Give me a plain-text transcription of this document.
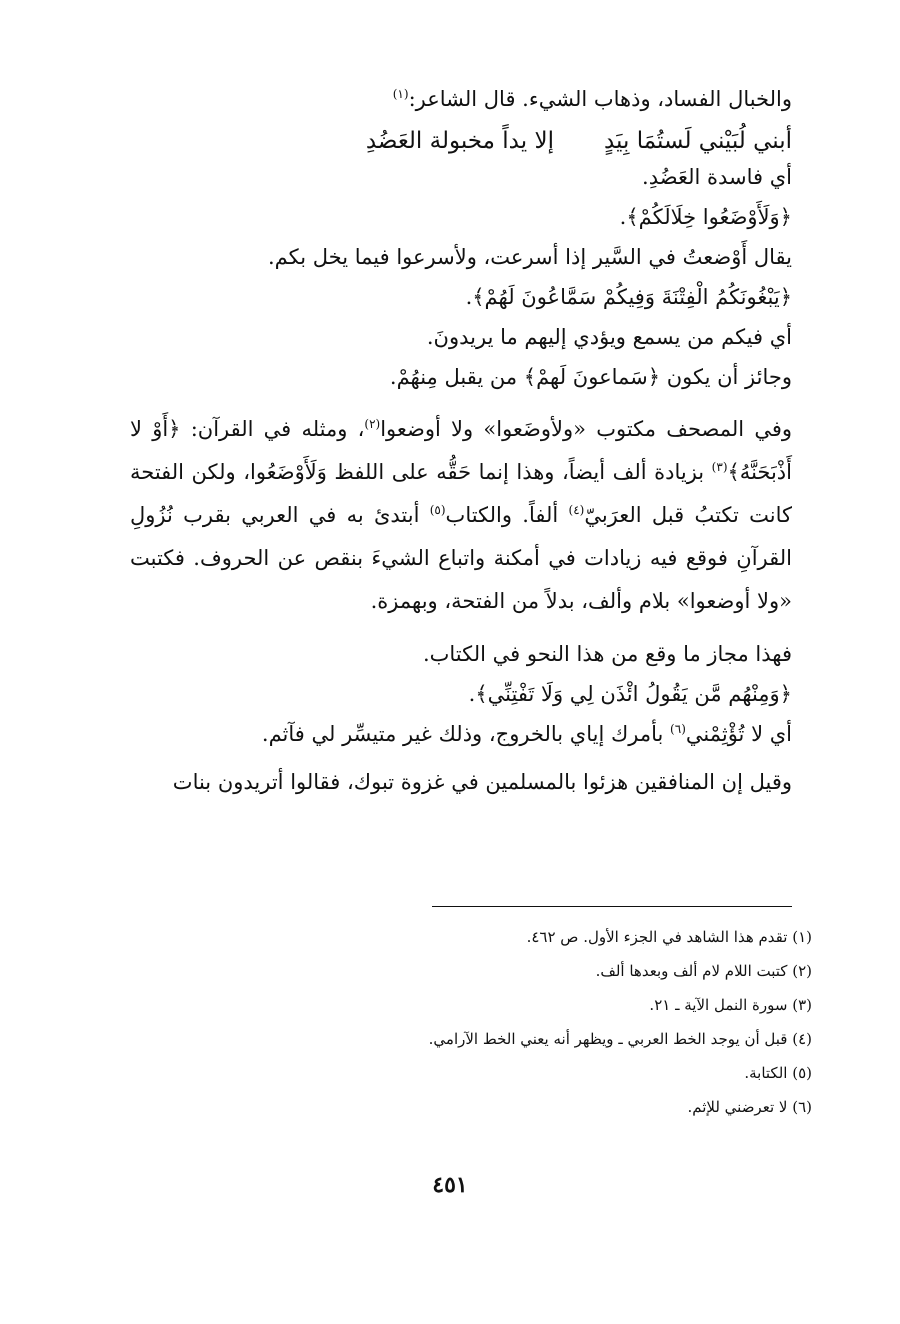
والخبال الفساد، وذهاب الشيء. قال الشاعر:$^{(١)}$
أبني لُبَيْني لَستُمَا بِيَدٍإلا يداً مخبولة العَضُدِ
أي فاسدة العَضُدِ.
﴿وَلَأَوْضَعُوا خِلَالَكُمْ﴾.
يقال أَوْضعتُ في السَّير إذا أسرعت، ولأسرعوا فيما يخل بكم.
﴿يَبْغُونَكُمُ الْفِتْنَةَ وَفِيكُمْ سَمَّاعُونَ لَهُمْ﴾.
أي فيكم من يسمع ويؤدي إليهم ما يريدونَ.
وجائز أن يكون ﴿سَماعونَ لَهمْ﴾ من يقبل مِنهُمْ.
وفي المصحف مكتوب «ولأوضَعوا» ولا أوضعوا$^{(٢)}$، ومثله في القرآن: ﴿أَوْ لا أَذْبَحَنَّهُ﴾$^{(٣)}$ بزيادة ألف أيضاً، وهذا إنما حَقُّه على اللفظ وَلَأَوْضَعُوا، ولكن الفتحة كانت تكتبُ قبل العرَبيّ$^{(٤)}$ ألفاً. والكتاب$^{(٥)}$ أبتدئ به في العربي بقرب نُزُولِ القرآنِ فوقع فيه زيادات في أمكنة واتباع الشيءَ بنقص عن الحروف. فكتبت «ولا أوضعوا» بلام وألف، بدلاً من الفتحة، وبهمزة.
فهذا مجاز ما وقع من هذا النحو في الكتاب.
﴿وَمِنْهُم مَّن يَقُولُ ائْذَن لِي وَلَا تَفْتِنِّي﴾.
أي لا تُؤْثِمْني$^{(٦)}$ بأمرك إياي بالخروج، وذلك غير متيسِّر لي فآثم.
وقيل إن المنافقين هزئوا بالمسلمين في غزوة تبوك، فقالوا أتريدون بنات
(١) تقدم هذا الشاهد في الجزء الأول. ص ٤٦٢.
(٢) كتبت اللام لام ألف وبعدها ألف.
(٣) سورة النمل الآية ـ ٢١.
(٤) قبل أن يوجد الخط العربي ـ ويظهر أنه يعني الخط الآرامي.
(٥) الكتابة.
(٦) لا تعرضني للإثم.
٤٥١
